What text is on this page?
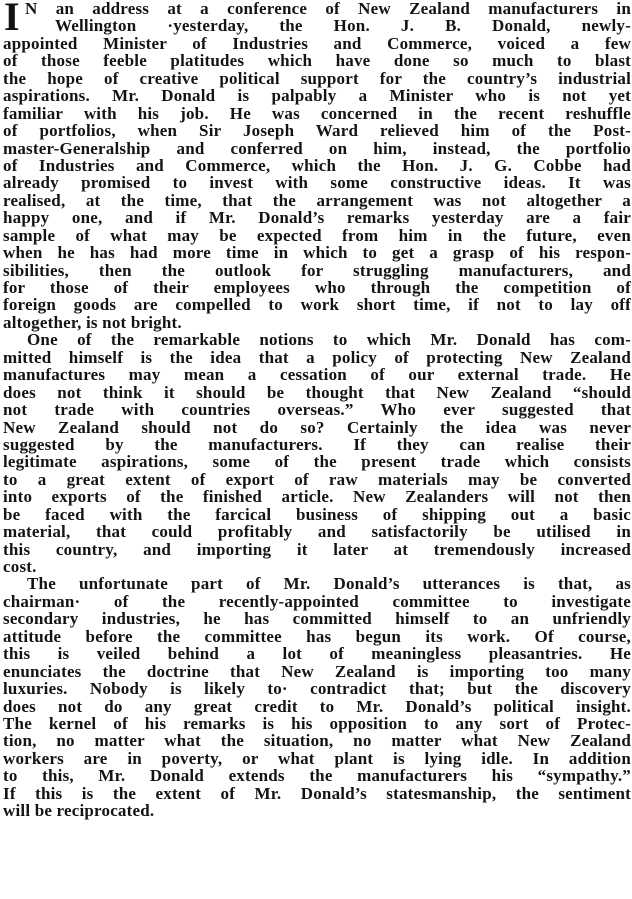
I N an address at a conference of New Zealand manufacturers in
Wellington ·yesterday, the Hon. J. B. Donald, newly-
appointed Minister of Industries and Commerce, voiced a few
of those feeble platitudes which have done so much to blast
the hope of creative political support for the country’s industrial
aspirations. Mr. Donald is palpably a Minister who is not yet
familiar with his job. He was concerned in the recent reshuffle
of portfolios, when Sir Joseph Ward relieved him of the Post-
master-Generalship and conferred on him, instead, the portfolio
of Industries and Commerce, which the Hon. J. G. Cobbe had
already promised to invest with some constructive ideas. It was
realised, at the time, that the arrangement was not altogether a
happy one, and if Mr. Donald’s remarks yesterday are a fair
sample of what may be expected from him in the future, even
when he has had more time in which to get a grasp of his respon-
sibilities, then the outlook for struggling manufacturers, and
for those of their employees who through the competition of
foreign goods are compelled to work short time, if not to lay off
altogether, is not bright.
One of the remarkable notions to which Mr. Donald has com-
mitted himself is the idea that a policy of protecting New Zealand
manufactures may mean a cessation of our external trade. He
does not think it should be thought that New Zealand “should
not trade with countries overseas.” Who ever suggested that
New Zealand should not do so? Certainly the idea was never
suggested by the manufacturers. If they can realise their
legitimate aspirations, some of the present trade which consists
to a great extent of export of raw materials may be converted
into exports of the finished article. New Zealanders will not then
be faced with the farcical business of shipping out a basic
material, that could profitably and satisfactorily be utilised in
this country, and importing it later at tremendously increased
cost.
The unfortunate part of Mr. Donald’s utterances is that, as
chairman· of the recently-appointed committee to investigate
secondary industries, he has committed himself to an unfriendly
attitude before the committee has begun its work. Of course,
this is veiled behind a lot of meaningless pleasantries. He
enunciates the doctrine that New Zealand is importing too many
luxuries. Nobody is likely to· contradict that; but the discovery
does not do any great credit to Mr. Donald’s political insight.
The kernel of his remarks is his opposition to any sort of Protec-
tion, no matter what the situation, no matter what New Zealand
workers are in poverty, or what plant is lying idle. In addition
to this, Mr. Donald extends the manufacturers his “sympathy.”
If this is the extent of Mr. Donald’s statesmanship, the sentiment
will be reciprocated.
